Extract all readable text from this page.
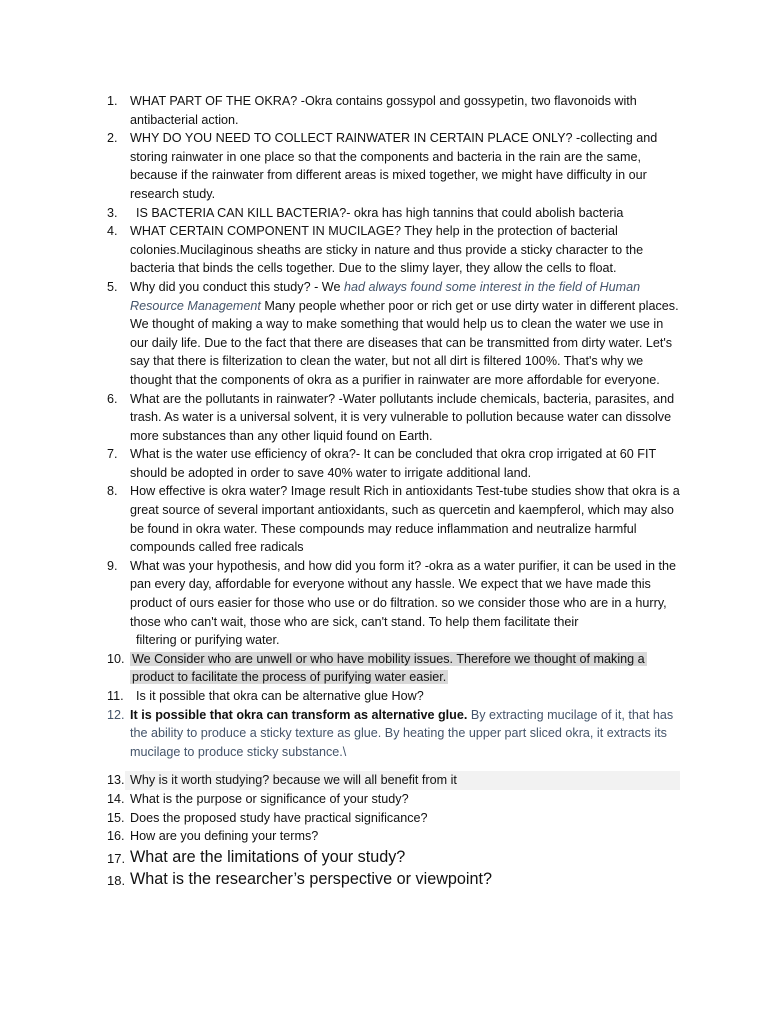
1. WHAT PART OF THE OKRA? -Okra contains gossypol and gossypetin, two flavonoids with antibacterial action.
2. WHY DO YOU NEED TO COLLECT RAINWATER IN CERTAIN PLACE ONLY? -collecting and storing rainwater in one place so that the components and bacteria in the rain are the same, because if the rainwater from different areas is mixed together, we might have difficulty in our research study.
3.	IS BACTERIA CAN KILL BACTERIA?- okra has high tannins that could abolish bacteria
4. WHAT CERTAIN COMPONENT IN MUCILAGE? They help in the protection of bacterial colonies.Mucilaginous sheaths are sticky in nature and thus provide a sticky character to the bacteria that binds the cells together. Due to the slimy layer, they allow the cells to float.
5. Why did you conduct this study? - We had always found some interest in the field of Human Resource Management Many people whether poor or rich get or use dirty water in different places. We thought of making a way to make something that would help us to clean the water we use in our daily life. Due to the fact that there are diseases that can be transmitted from dirty water. Let's say that there is filterization to clean the water, but not all dirt is filtered 100%. That's why we thought that the components of okra as a purifier in rainwater are more affordable for everyone.
6. What are the pollutants in rainwater? -Water pollutants include chemicals, bacteria, parasites, and trash. As water is a universal solvent, it is very vulnerable to pollution because water can dissolve more substances than any other liquid found on Earth.
7. What is the water use efficiency of okra?- It can be concluded that okra crop irrigated at 60 FIT should be adopted in order to save 40% water to irrigate additional land.
8. How effective is okra water? Image result Rich in antioxidants Test-tube studies show that okra is a great source of several important antioxidants, such as quercetin and kaempferol, which may also be found in okra water. These compounds may reduce inflammation and neutralize harmful compounds called free radicals
9. What was your hypothesis, and how did you form it? -okra as a water purifier, it can be used in the pan every day, affordable for everyone without any hassle. We expect that we have made this product of ours easier for those who use or do filtration. so we consider those who are in a hurry, those who can't wait, those who are sick, can't stand. To help them facilitate their
filtering or purifying water.
10. We Consider who are unwell or who have mobility issues. Therefore we thought of making a product to facilitate the process of purifying water easier.
11. Is it possible that okra can be alternative glue How?
12. It is possible that okra can transform as alternative glue. By extracting mucilage of it, that has the ability to produce a sticky texture as glue. By heating the upper part sliced okra, it extracts its mucilage to produce sticky substance.\
13. Why is it worth studying? because we will all benefit from it
14. What is the purpose or significance of your study?
15. Does the proposed study have practical significance?
16. How are you defining your terms?
17. What are the limitations of your study?
18. What is the researcher’s perspective or viewpoint?
